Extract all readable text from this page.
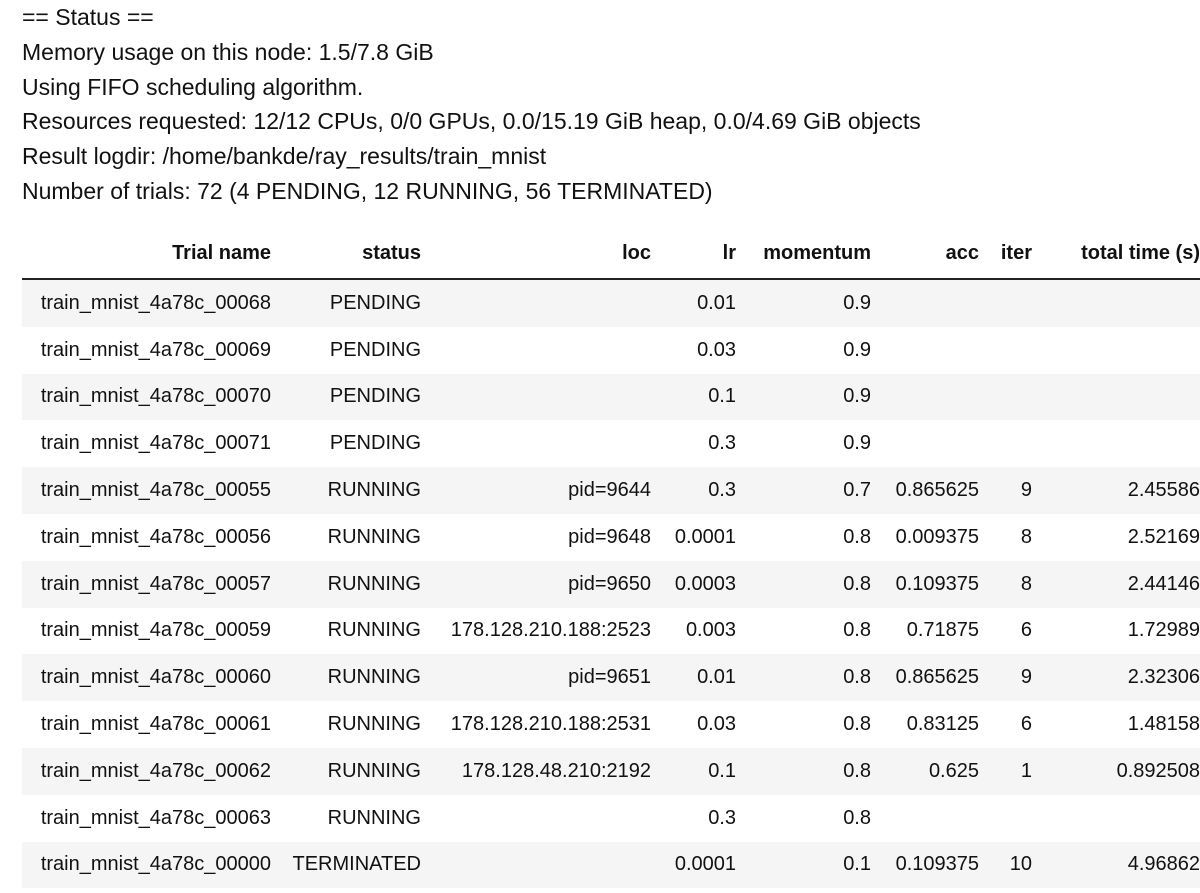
== Status ==
Memory usage on this node: 1.5/7.8 GiB
Using FIFO scheduling algorithm.
Resources requested: 12/12 CPUs, 0/0 GPUs, 0.0/15.19 GiB heap, 0.0/4.69 GiB objects
Result logdir: /home/bankde/ray_results/train_mnist
Number of trials: 72 (4 PENDING, 12 RUNNING, 56 TERMINATED)
Trial name	status	loc	lr	momentum	acc	iter	total time (s)
train_mnist_4a78c_00068	PENDING		0.01	0.9			
train_mnist_4a78c_00069	PENDING		0.03	0.9			
train_mnist_4a78c_00070	PENDING		0.1	0.9			
train_mnist_4a78c_00071	PENDING		0.3	0.9			
train_mnist_4a78c_00055	RUNNING	pid=9644	0.3	0.7	0.865625	9	2.45586
train_mnist_4a78c_00056	RUNNING	pid=9648	0.0001	0.8	0.009375	8	2.52169
train_mnist_4a78c_00057	RUNNING	pid=9650	0.0003	0.8	0.109375	8	2.44146
train_mnist_4a78c_00059	RUNNING	178.128.210.188:2523	0.003	0.8	0.71875	6	1.72989
train_mnist_4a78c_00060	RUNNING	pid=9651	0.01	0.8	0.865625	9	2.32306
train_mnist_4a78c_00061	RUNNING	178.128.210.188:2531	0.03	0.8	0.83125	6	1.48158
train_mnist_4a78c_00062	RUNNING	178.128.48.210:2192	0.1	0.8	0.625	1	0.892508
train_mnist_4a78c_00063	RUNNING		0.3	0.8			
train_mnist_4a78c_00000	TERMINATED		0.0001	0.1	0.109375	10	4.96862
